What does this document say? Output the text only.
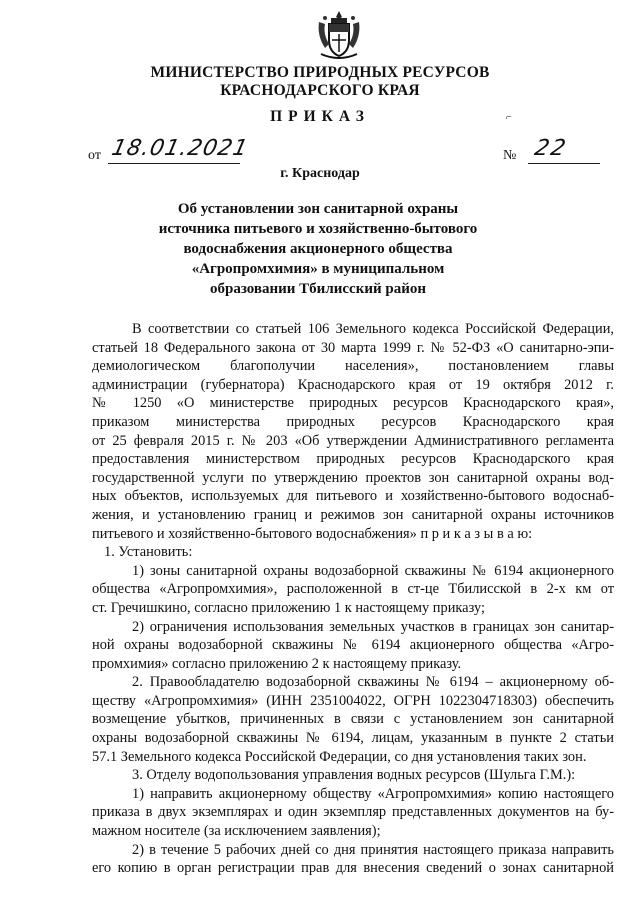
МИНИСТЕРСТВО ПРИРОДНЫХ РЕСУРСОВ
КРАСНОДАРСКОГО КРАЯ
ПРИКАЗ	⌐
от 18.01.2021	№ 22
г. Краснодар
Об установлении зон санитарной охраны
источника питьевого и хозяйственно-бытового
водоснабжения акционерного общества
«Агропромхимия» в муниципальном
образовании Тбилисский район
В соответствии со статьей 106 Земельного кодекса Российской Федерации,
статьей 18 Федерального закона от 30 марта 1999 г. № 52-ФЗ «О санитарно-эпи-
демиологическом благополучии населения», постановлением главы
администрации (губернатора) Краснодарского края от 19 октября 2012 г.
№ 1250 «О министерстве природных ресурсов Краснодарского края»,
приказом министерства природных ресурсов Краснодарского края
от 25 февраля 2015 г. № 203 «Об утверждении Административного регламента
предоставления министерством природных ресурсов Краснодарского края
государственной услуги по утверждению проектов зон санитарной охраны вод-
ных объектов, используемых для питьевого и хозяйственно-бытового водоснаб-
жения, и установлению границ и режимов зон санитарной охраны источников
питьевого и хозяйственно-бытового водоснабжения» п р и к а з ы в а ю:
1. Установить:
1) зоны санитарной охраны водозаборной скважины № 6194 акционерного
общества «Агропромхимия», расположенной в ст-це Тбилисской в 2-х км от
ст. Гречишкино, согласно приложению 1 к настоящему приказу;
2) ограничения использования земельных участков в границах зон санитар-
ной охраны водозаборной скважины № 6194 акционерного общества «Агро-
промхимия» согласно приложению 2 к настоящему приказу.
2. Правообладателю водозаборной скважины № 6194 – акционерному об-
ществу «Агропромхимия» (ИНН 2351004022, ОГРН 1022304718303) обеспечить
возмещение убытков, причиненных в связи с установлением зон санитарной
охраны водозаборной скважины № 6194, лицам, указанным в пункте 2 статьи
57.1 Земельного кодекса Российской Федерации, со дня установления таких зон.
3. Отделу водопользования управления водных ресурсов (Шульга Г.М.):
1) направить акционерному обществу «Агропромхимия» копию настоящего
приказа в двух экземплярах и один экземпляр представленных документов на бу-
мажном носителе (за исключением заявления);
2) в течение 5 рабочих дней со дня принятия настоящего приказа направить
его копию в орган регистрации прав для внесения сведений о зонах санитарной
